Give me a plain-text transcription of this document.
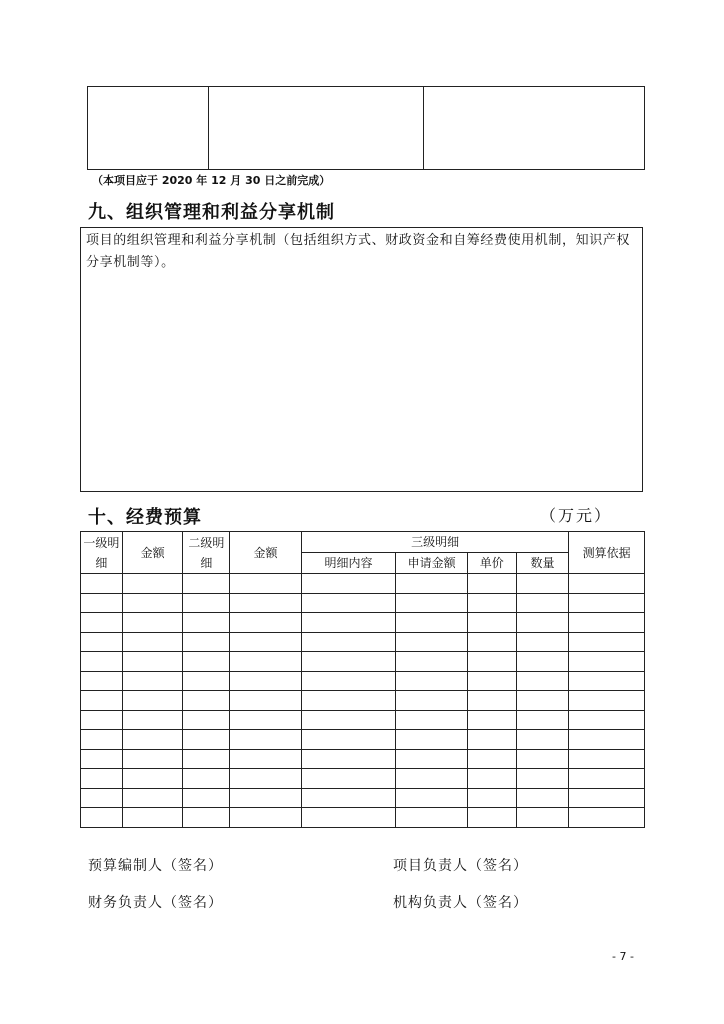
（本项目应于 2020 年 12 月 30 日之前完成）
九、组织管理和利益分享机制
项目的组织管理和利益分享机制（包括组织方式、财政资金和自筹经费使用机制，知识产权分享机制等）。
十、经费预算	（万元）
一级明细	金额	二级明细	金额	三级明细				测算依据
				明细内容	申请金额	单价	数量	

预算编制人（签名）	项目负责人（签名）
财务负责人（签名）	机构负责人（签名）
- 7 -
